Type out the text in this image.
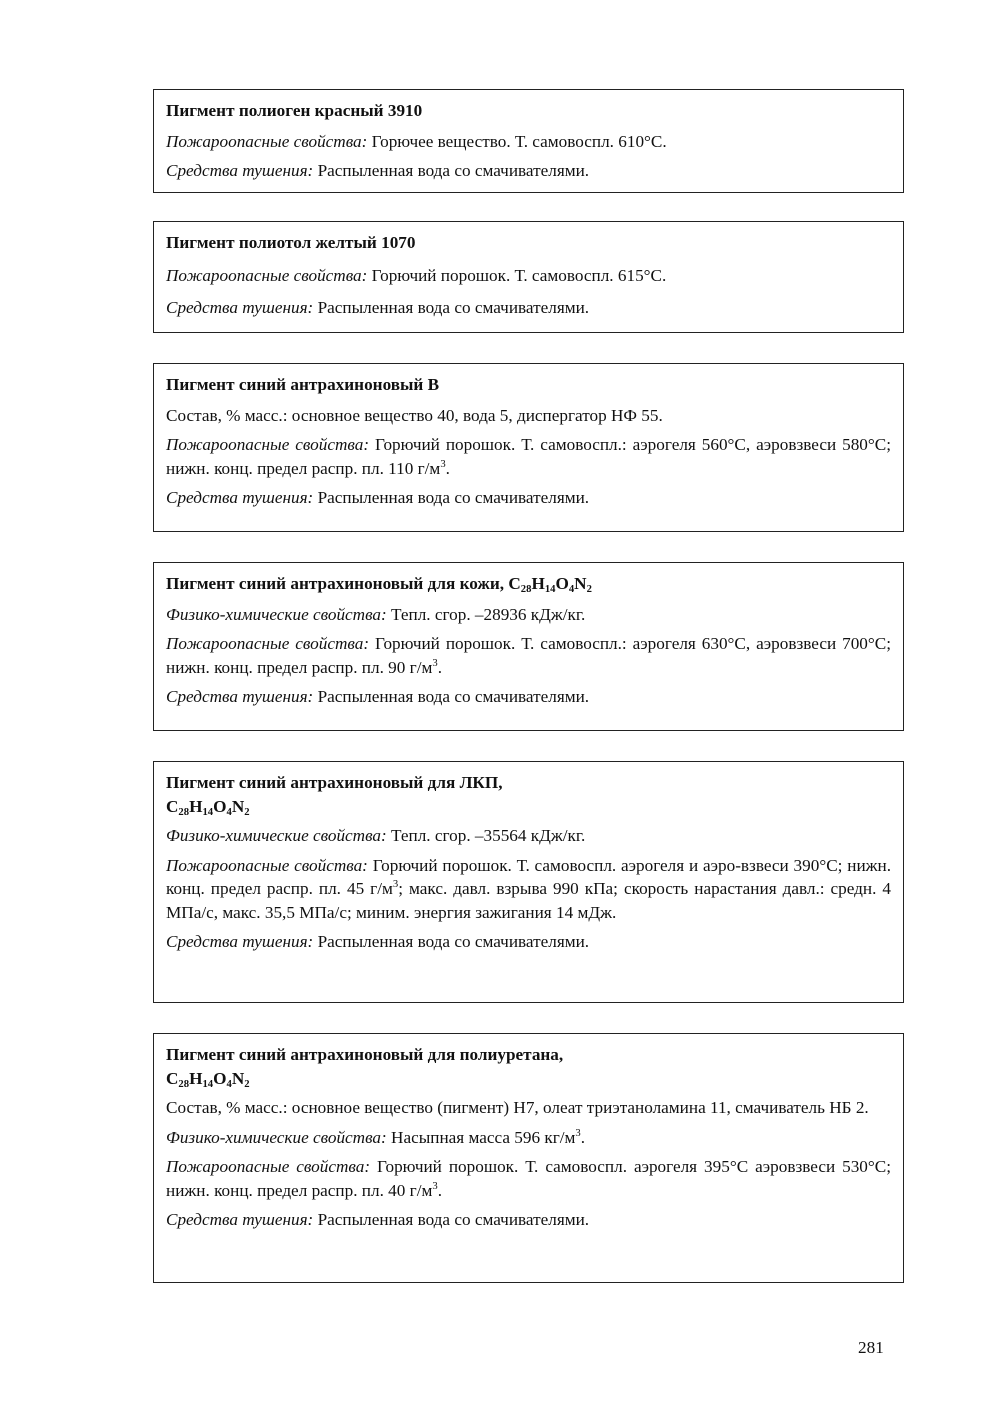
Пигмент полиоген красный 3910
Пожароопасные свойства: Горючее вещество. Т. самовоспл. 610°С.
Средства тушения: Распыленная вода со смачивателями.
Пигмент полиотол желтый 1070
Пожароопасные свойства: Горючий порошок. Т. самовоспл. 615°С.
Средства тушения: Распыленная вода со смачивателями.
Пигмент синий антрахиноновый В
Состав, % масс.: основное вещество 40, вода 5, диспергатор НФ 55.
Пожароопасные свойства: Горючий порошок. Т. самовоспл.: аэрогеля 560°С, аэровзвеси 580°С; нижн. конц. предел распр. пл. 110 $г/м^3$.
Средства тушения: Распыленная вода со смачивателями.
Пигмент синий антрахиноновый для кожи, $C_{28}H_{14}O_4N_2$
Физико-химические свойства: Тепл. сгор. –28936 кДж/кг.
Пожароопасные свойства: Горючий порошок. Т. самовоспл.: аэрогеля 630°С, аэровзвеси 700°С; нижн. конц. предел распр. пл. 90 $г/м^3$.
Средства тушения: Распыленная вода со смачивателями.
Пигмент синий антрахиноновый для ЛКП,
$C_{28}H_{14}O_4N_2$
Физико-химические свойства: Тепл. сгор. –35564 кДж/кг.
Пожароопасные свойства: Горючий порошок. Т. самовоспл. аэрогеля и аэро-взвеси 390°С; нижн. конц. предел распр. пл. 45 $г/м^3$; макс. давл. взрыва 990 кПа; скорость нарастания давл.: средн. 4 МПа/с, макс. 35,5 МПа/с; миним. энергия зажигания 14 мДж.
Средства тушения: Распыленная вода со смачивателями.
Пигмент синий антрахиноновый для полиуретана,
$C_{28}H_{14}O_4N_2$
Состав, % масс.: основное вещество (пигмент) Н7, олеат триэтаноламина 11, смачиватель НБ 2.
Физико-химические свойства: Насыпная масса 596 $кг/м^3$.
Пожароопасные свойства: Горючий порошок. Т. самовоспл. аэрогеля 395°С аэровзвеси 530°С; нижн. конц. предел распр. пл. 40 $г/м^3$.
Средства тушения: Распыленная вода со смачивателями.
281
